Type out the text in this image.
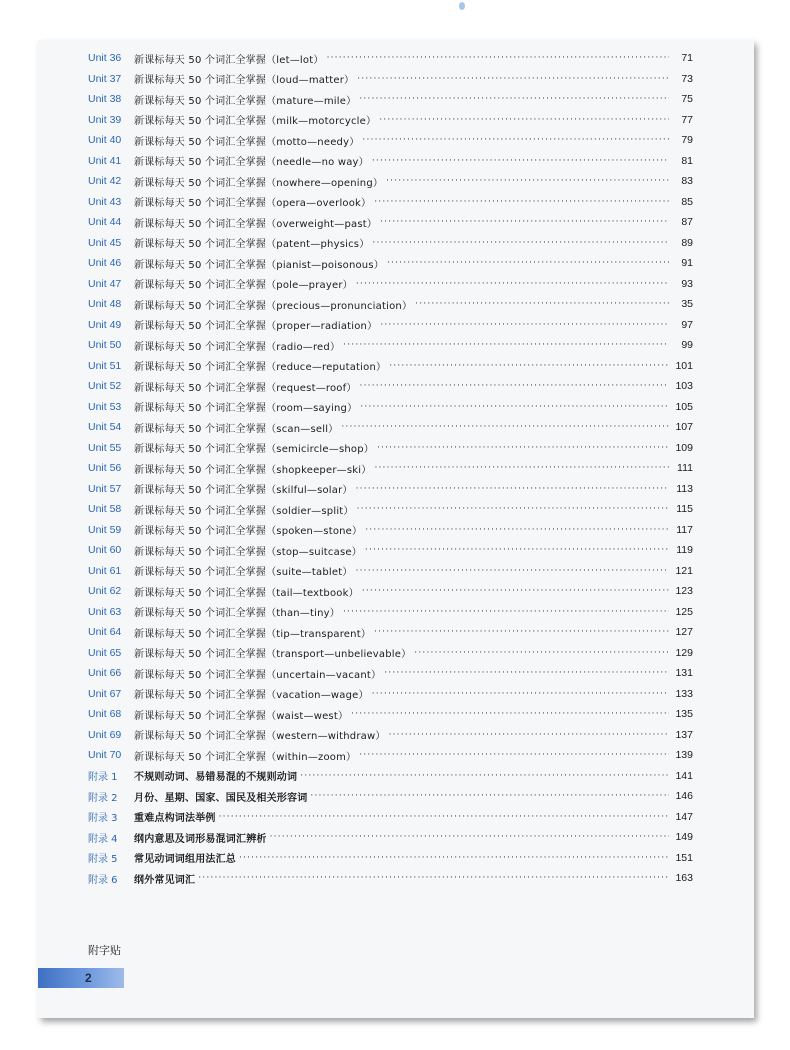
Unit 36	新课标每天 50 个词汇全掌握（let—lot） ·····	71
Unit 37	新课标每天 50 个词汇全掌握（loud—matter） ·····	73
Unit 38	新课标每天 50 个词汇全掌握（mature—mile） ·····	75
Unit 39	新课标每天 50 个词汇全掌握（milk—motorcycle） ·····	77
Unit 40	新课标每天 50 个词汇全掌握（motto—needy） ·····	79
Unit 41	新课标每天 50 个词汇全掌握（needle—no way） ·····	81
Unit 42	新课标每天 50 个词汇全掌握（nowhere—opening） ·····	83
Unit 43	新课标每天 50 个词汇全掌握（opera—overlook） ·····	85
Unit 44	新课标每天 50 个词汇全掌握（overweight—past） ·····	87
Unit 45	新课标每天 50 个词汇全掌握（patent—physics） ·····	89
Unit 46	新课标每天 50 个词汇全掌握（pianist—poisonous） ·····	91
Unit 47	新课标每天 50 个词汇全掌握（pole—prayer） ·····	93
Unit 48	新课标每天 50 个词汇全掌握（precious—pronunciation） ·····	35
Unit 49	新课标每天 50 个词汇全掌握（proper—radiation） ·····	97
Unit 50	新课标每天 50 个词汇全掌握（radio—red） ·····	99
Unit 51	新课标每天 50 个词汇全掌握（reduce—reputation） ·····	101
Unit 52	新课标每天 50 个词汇全掌握（request—roof） ·····	103
Unit 53	新课标每天 50 个词汇全掌握（room—saying） ·····	105
Unit 54	新课标每天 50 个词汇全掌握（scan—sell） ·····	107
Unit 55	新课标每天 50 个词汇全掌握（semicircle—shop） ·····	109
Unit 56	新课标每天 50 个词汇全掌握（shopkeeper—ski） ·····	111
Unit 57	新课标每天 50 个词汇全掌握（skilful—solar） ·····	113
Unit 58	新课标每天 50 个词汇全掌握（soldier—split） ·····	115
Unit 59	新课标每天 50 个词汇全掌握（spoken—stone） ·····	117
Unit 60	新课标每天 50 个词汇全掌握（stop—suitcase） ·····	119
Unit 61	新课标每天 50 个词汇全掌握（suite—tablet） ·····	121
Unit 62	新课标每天 50 个词汇全掌握（tail—textbook） ·····	123
Unit 63	新课标每天 50 个词汇全掌握（than—tiny） ·····	125
Unit 64	新课标每天 50 个词汇全掌握（tip—transparent） ·····	127
Unit 65	新课标每天 50 个词汇全掌握（transport—unbelievable） ·····	129
Unit 66	新课标每天 50 个词汇全掌握（uncertain—vacant） ·····	131
Unit 67	新课标每天 50 个词汇全掌握（vacation—wage） ·····	133
Unit 68	新课标每天 50 个词汇全掌握（waist—west） ·····	135
Unit 69	新课标每天 50 个词汇全掌握（western—withdraw） ·····	137
Unit 70	新课标每天 50 个词汇全掌握（within—zoom） ·····	139
附录 1	不规则动词、易错易混的不规则动词 ·····	141
附录 2	月份、星期、国家、国民及相关形容词 ·····	146
附录 3	重难点构词法举例 ·····	147
附录 4	纲内意思及词形易混词汇辨析 ·····	149
附录 5	常见动词词组用法汇总 ·····	151
附录 6	纲外常见词汇 ·····	163
附字贴
2
